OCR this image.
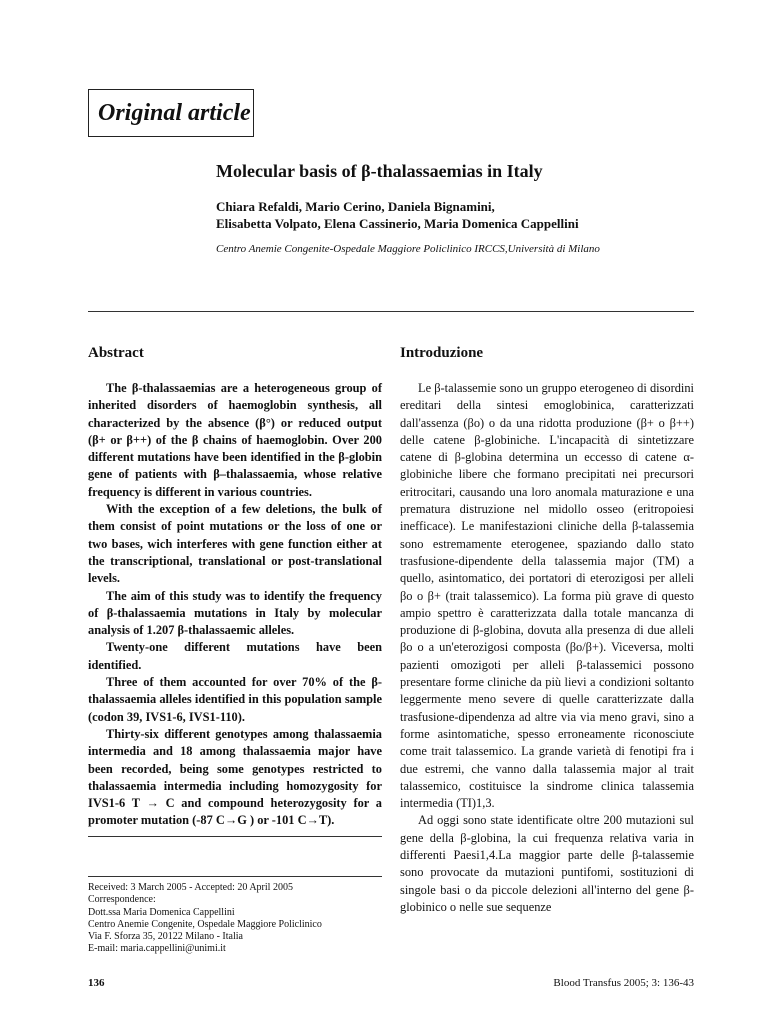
Original article
Molecular basis of β-thalassaemias in Italy
Chiara Refaldi, Mario Cerino, Daniela Bignamini,
Elisabetta Volpato, Elena Cassinerio, Maria Domenica Cappellini
Centro Anemie Congenite-Ospedale Maggiore Policlinico IRCCS,Università di Milano
Abstract	Introduzione

The β-thalassaemias are a heterogeneous group of inherited disorders of haemoglobin synthesis, all characterized by the absence (β°) or reduced output (β+ or β++) of the β chains of haemoglobin. Over 200 different mutations have been identified in the β-globin gene of patients with β–thalassaemia, whose relative frequency is different in various countries.

With the exception of a few deletions, the bulk of them consist of point mutations or the loss of one or two bases, wich interferes with gene function either at the transcriptional, translational or post-translational levels.

The aim of this study was to identify the frequency of β-thalassaemia mutations in Italy by molecular analysis of 1.207 β-thalassaemic alleles.

Twenty-one different mutations have been identified.

Three of them accounted for over 70% of the β-thalassaemia alleles identified in this population sample (codon 39, IVS1-6, IVS1-110).

Thirty-six different genotypes among thalassaemia intermedia and 18 among thalassaemia major have been recorded, being some genotypes restricted to thalassaemia intermedia including homozygosity for IVS1-6 T → C and compound heterozygosity for a promoter mutation (-87 C→G ) or -101 C→T).

Le β-talassemie sono un gruppo eterogeneo di disordini ereditari della sintesi emoglobinica, caratterizzati dall'assenza (βo) o da una ridotta produzione (β+ o β++) delle catene β-globiniche. L'incapacità di sintetizzare catene di β-globina determina un eccesso di catene α-globiniche libere che formano precipitati nei precursori eritrocitari, causando una loro anomala maturazione e una prematura distruzione nel midollo osseo (eritropoiesi inefficace). Le manifestazioni cliniche della β-talassemia sono estremamente eterogenee, spaziando dallo stato trasfusione-dipendente della talassemia major (TM) a quello, asintomatico, dei portatori di eterozigosi per alleli βo o β+ (trait talassemico). La forma più grave di questo ampio spettro è caratterizzata dalla totale mancanza di produzione di β-globina, dovuta alla presenza di due alleli βo o a un'eterozigosi composta (βo/β+). Viceversa, molti pazienti omozigoti per alleli β-talassemici possono presentare forme cliniche da più lievi a condizioni soltanto leggermente meno severe di quelle caratterizzate dalla trasfusione-dipendenza ad altre via via meno gravi, sino a forme asintomatiche, spesso erroneamente riconosciute come trait talassemico. La grande varietà di fenotipi fra i due estremi, che vanno dalla talassemia major al trait talassemico, costituisce la sindrome clinica talassemia intermedia (TI)1,3.

Ad oggi sono state identificate oltre 200 mutazioni sul gene della β-globina, la cui frequenza relativa varia in differenti Paesi1,4.La maggior parte delle β-talassemie sono provocate da mutazioni puntifomi, sostituzioni di singole basi o da piccole delezioni all'interno del gene β-globinico o nelle sue sequenze

Received: 3 March 2005 - Accepted: 20 April 2005
Correspondence:
Dott.ssa Maria Domenica Cappellini
Centro Anemie Congenite, Ospedale Maggiore Policlinico
Via F. Sforza 35, 20122 Milano - Italia
E-mail: maria.cappellini@unimi.it
136	Blood Transfus 2005; 3: 136-43
